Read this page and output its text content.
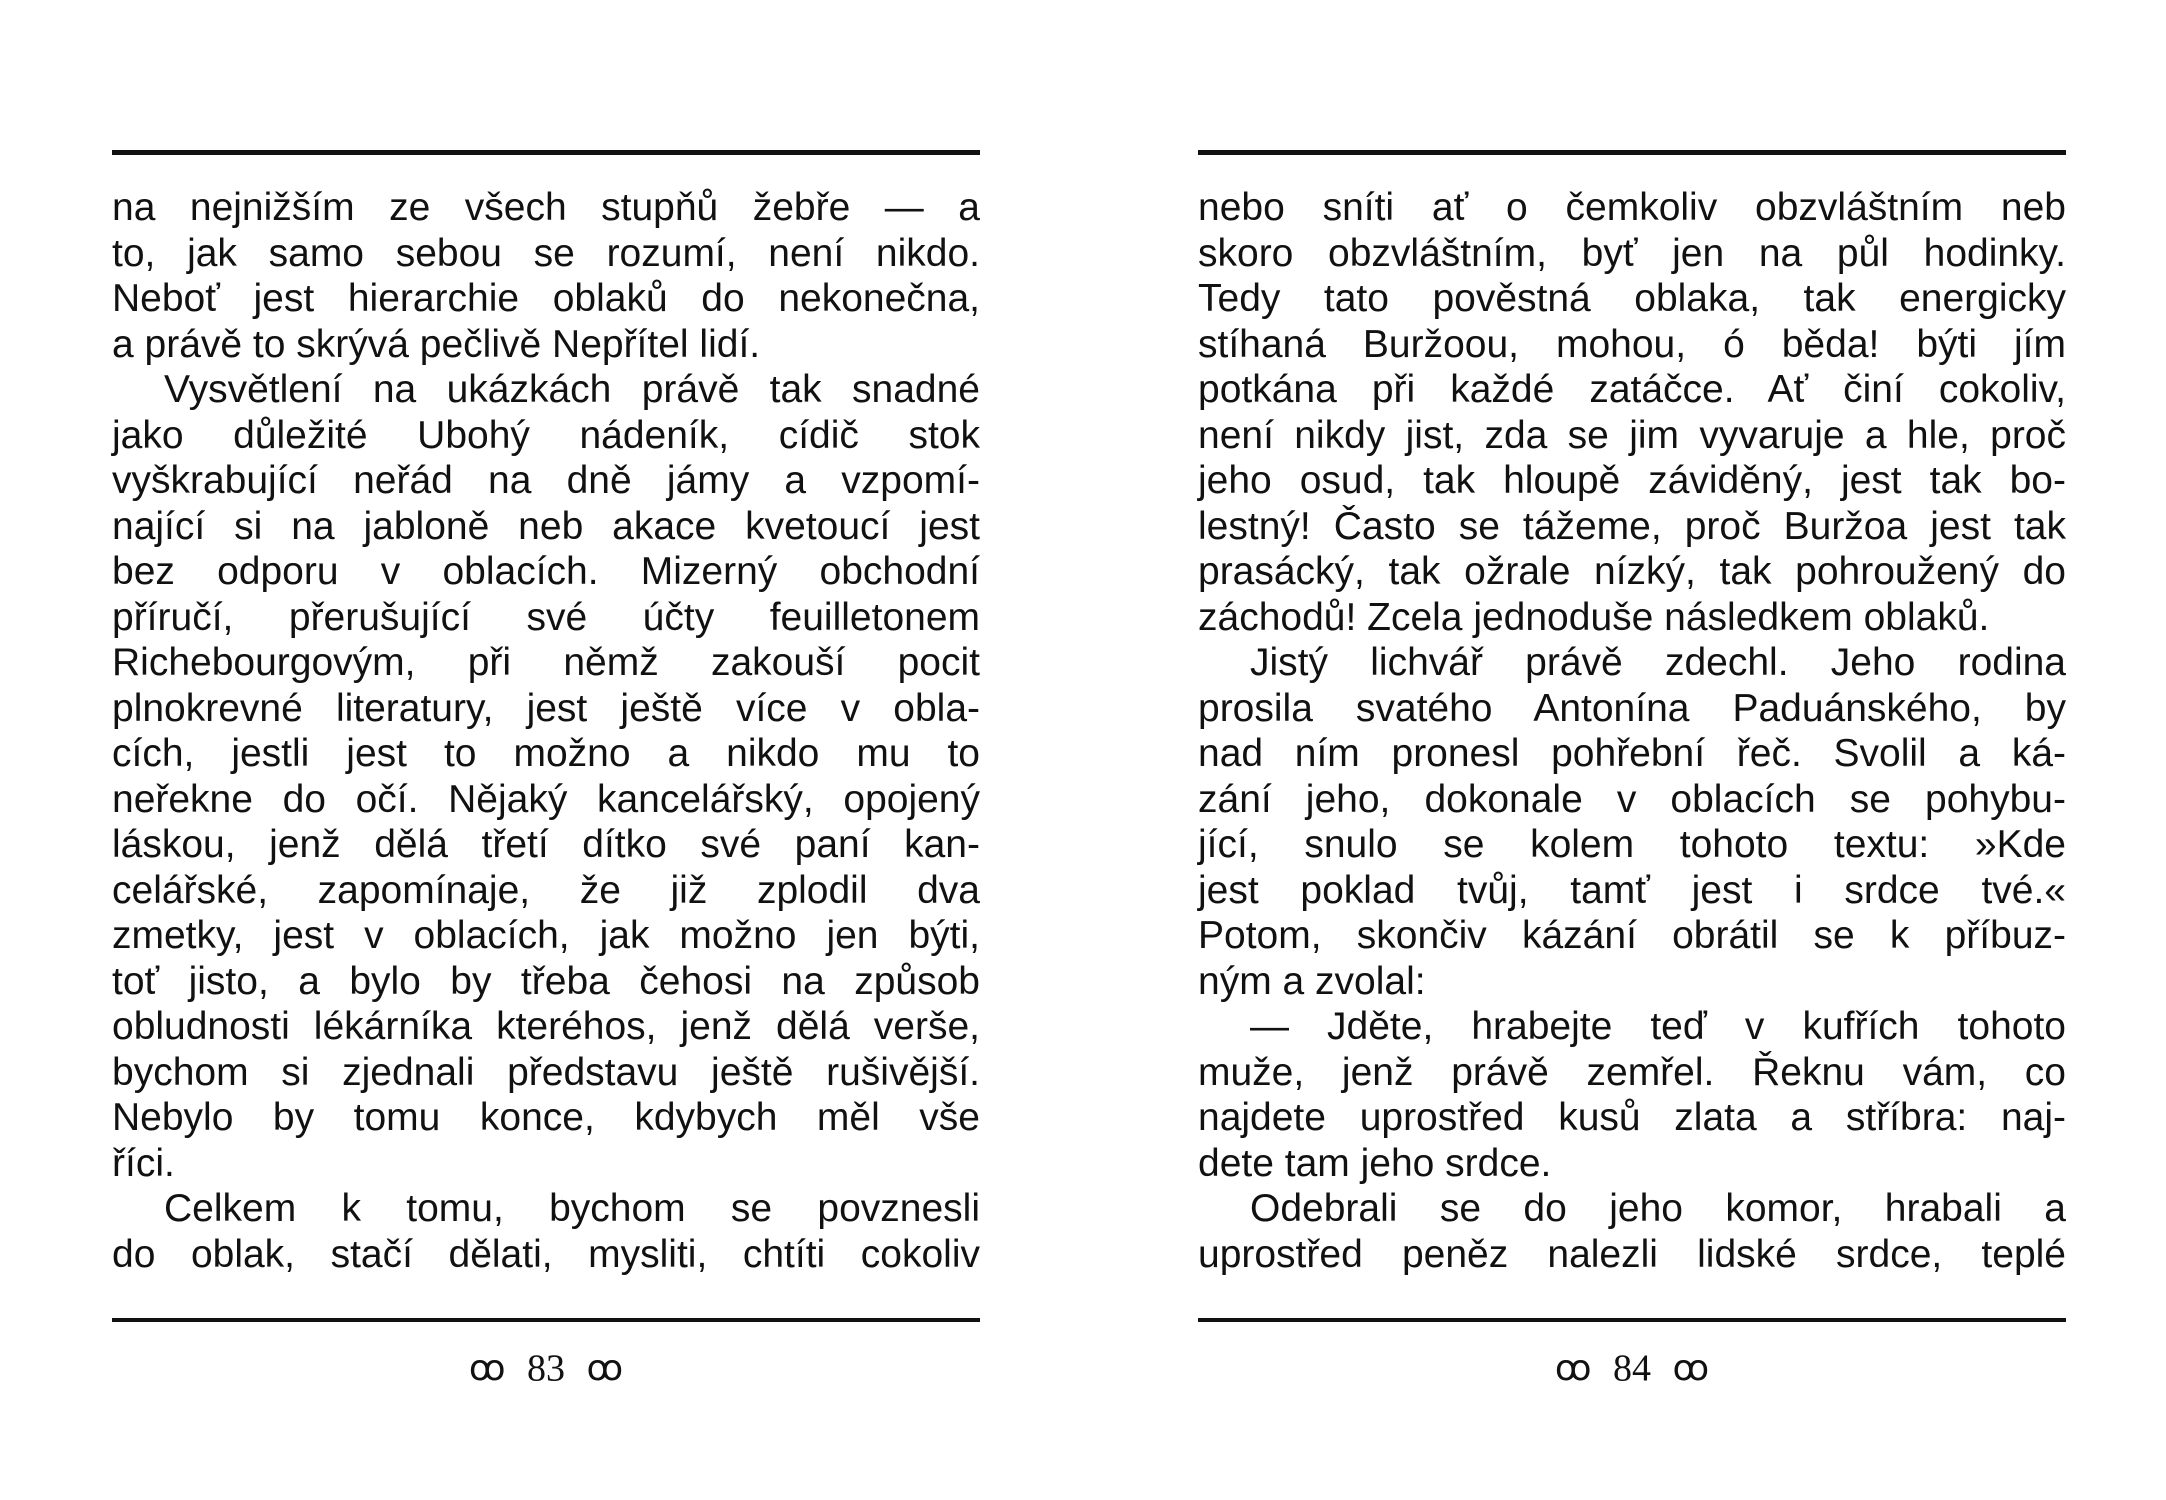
na nejnižším ze všech stupňů žebře — a

to, jak samo sebou se rozumí, není nikdo.

Neboť jest hierarchie oblaků do nekonečna,

a právě to skrývá pečlivě Nepřítel lidí.

Vysvětlení na ukázkách právě tak snadné

jako důležité Ubohý nádeník, cídič stok

vyškrabující neřád na dně jámy a vzpomí-

nající si na jabloně neb akace kvetoucí jest

bez odporu v oblacích. Mizerný obchodní

příručí, přerušující své účty feuilletonem

Richebourgovým, při němž zakouší pocit

plnokrevné literatury, jest ještě více v obla-

cích, jestli jest to možno a nikdo mu to

neřekne do očí. Nějaký kancelářský, opojený

láskou, jenž dělá třetí dítko své paní kan-

celářské, zapomínaje, že již zplodil dva

zmetky, jest v oblacích, jak možno jen býti,

toť jisto, a bylo by třeba čehosi na způsob

obludnosti lékárníka kteréhos, jenž dělá verše,

bychom si zjednali představu ještě rušivější.

Nebylo by tomu konce, kdybych měl vše

říci.

Celkem k tomu, bychom se povznesli

do oblak, stačí dělati, mysliti, chtíti cokoliv

ꝏ 83 ꝏ

nebo sníti ať o čemkoliv obzvláštním neb

skoro obzvláštním, byť jen na půl hodinky.

Tedy tato pověstná oblaka, tak energicky

stíhaná Buržoou, mohou, ó běda! býti jím

potkána při každé zatáčce. Ať činí cokoliv,

není nikdy jist, zda se jim vyvaruje a hle, proč

jeho osud, tak hloupě záviděný, jest tak bo-

lestný! Často se tážeme, proč Buržoa jest tak

prasácký, tak ožrale nízký, tak pohroužený do

záchodů! Zcela jednoduše následkem oblaků.

Jistý lichvář právě zdechl. Jeho rodina

prosila svatého Antonína Paduánského, by

nad ním pronesl pohřební řeč. Svolil a ká-

zání jeho, dokonale v oblacích se pohybu-

jící, snulo se kolem tohoto textu: »Kde

jest poklad tvůj, tamť jest i srdce tvé.«

Potom, skončiv kázání obrátil se k příbuz-

ným a zvolal:

— Jděte, hrabejte teď v kufřích tohoto

muže, jenž právě zemřel. Řeknu vám, co

najdete uprostřed kusů zlata a stříbra: naj-

dete tam jeho srdce.

Odebrali se do jeho komor, hrabali a

uprostřed peněz nalezli lidské srdce, teplé

ꝏ 84 ꝏ
